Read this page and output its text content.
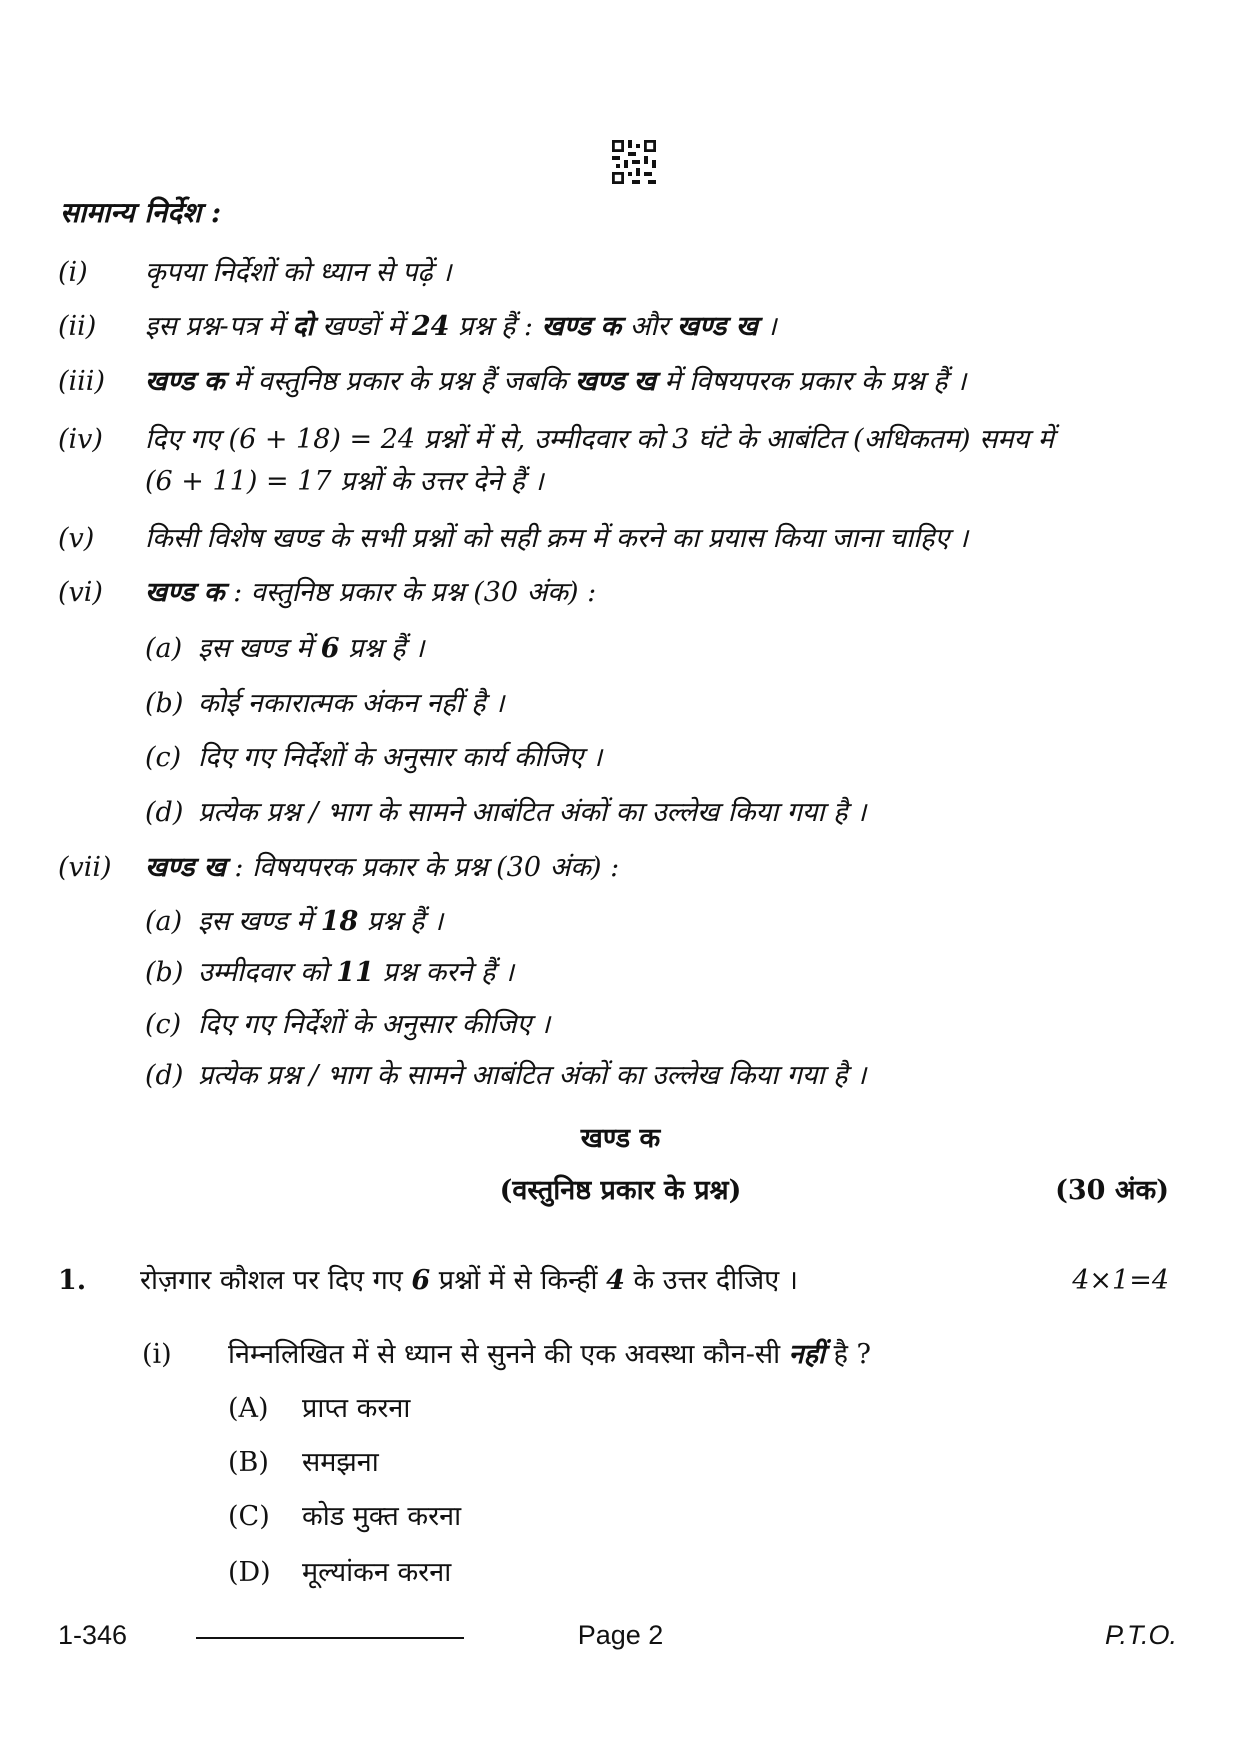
सामान्य निर्देश :
(i) कृपया निर्देशों को ध्यान से पढ़ें ।
(ii) इस प्रश्न-पत्र में दो खण्डों में 24 प्रश्न हैं : खण्ड क और खण्ड ख ।
(iii) खण्ड क में वस्तुनिष्ठ प्रकार के प्रश्न हैं जबकि खण्ड ख में विषयपरक प्रकार के प्रश्न हैं ।
(iv) दिए गए (6 + 18) = 24 प्रश्नों में से, उम्मीदवार को 3 घंटे के आबंटित (अधिकतम) समय में
(6 + 11) = 17 प्रश्नों के उत्तर देने हैं ।
(v) किसी विशेष खण्ड के सभी प्रश्नों को सही क्रम में करने का प्रयास किया जाना चाहिए ।
(vi) खण्ड क : वस्तुनिष्ठ प्रकार के प्रश्न (30 अंक) :
(a) इस खण्ड में 6 प्रश्न हैं ।
(b) कोई नकारात्मक अंकन नहीं है ।
(c) दिए गए निर्देशों के अनुसार कार्य कीजिए ।
(d) प्रत्येक प्रश्न / भाग के सामने आबंटित अंकों का उल्लेख किया गया है ।
(vii) खण्ड ख : विषयपरक प्रकार के प्रश्न (30 अंक) :
(a) इस खण्ड में 18 प्रश्न हैं ।
(b) उम्मीदवार को 11 प्रश्न करने हैं ।
(c) दिए गए निर्देशों के अनुसार कीजिए ।
(d) प्रत्येक प्रश्न / भाग के सामने आबंटित अंकों का उल्लेख किया गया है ।
खण्ड क
(वस्तुनिष्ठ प्रकार के प्रश्न)	(30 अंक)
1. रोज़गार कौशल पर दिए गए 6 प्रश्नों में से किन्हीं 4 के उत्तर दीजिए ।	4×1=4
(i) निम्नलिखित में से ध्यान से सुनने की एक अवस्था कौन-सी नहीं है ?
(A) प्राप्त करना
(B) समझना
(C) कोड मुक्त करना
(D) मूल्यांकन करना
1-346	Page 2	P.T.O.
